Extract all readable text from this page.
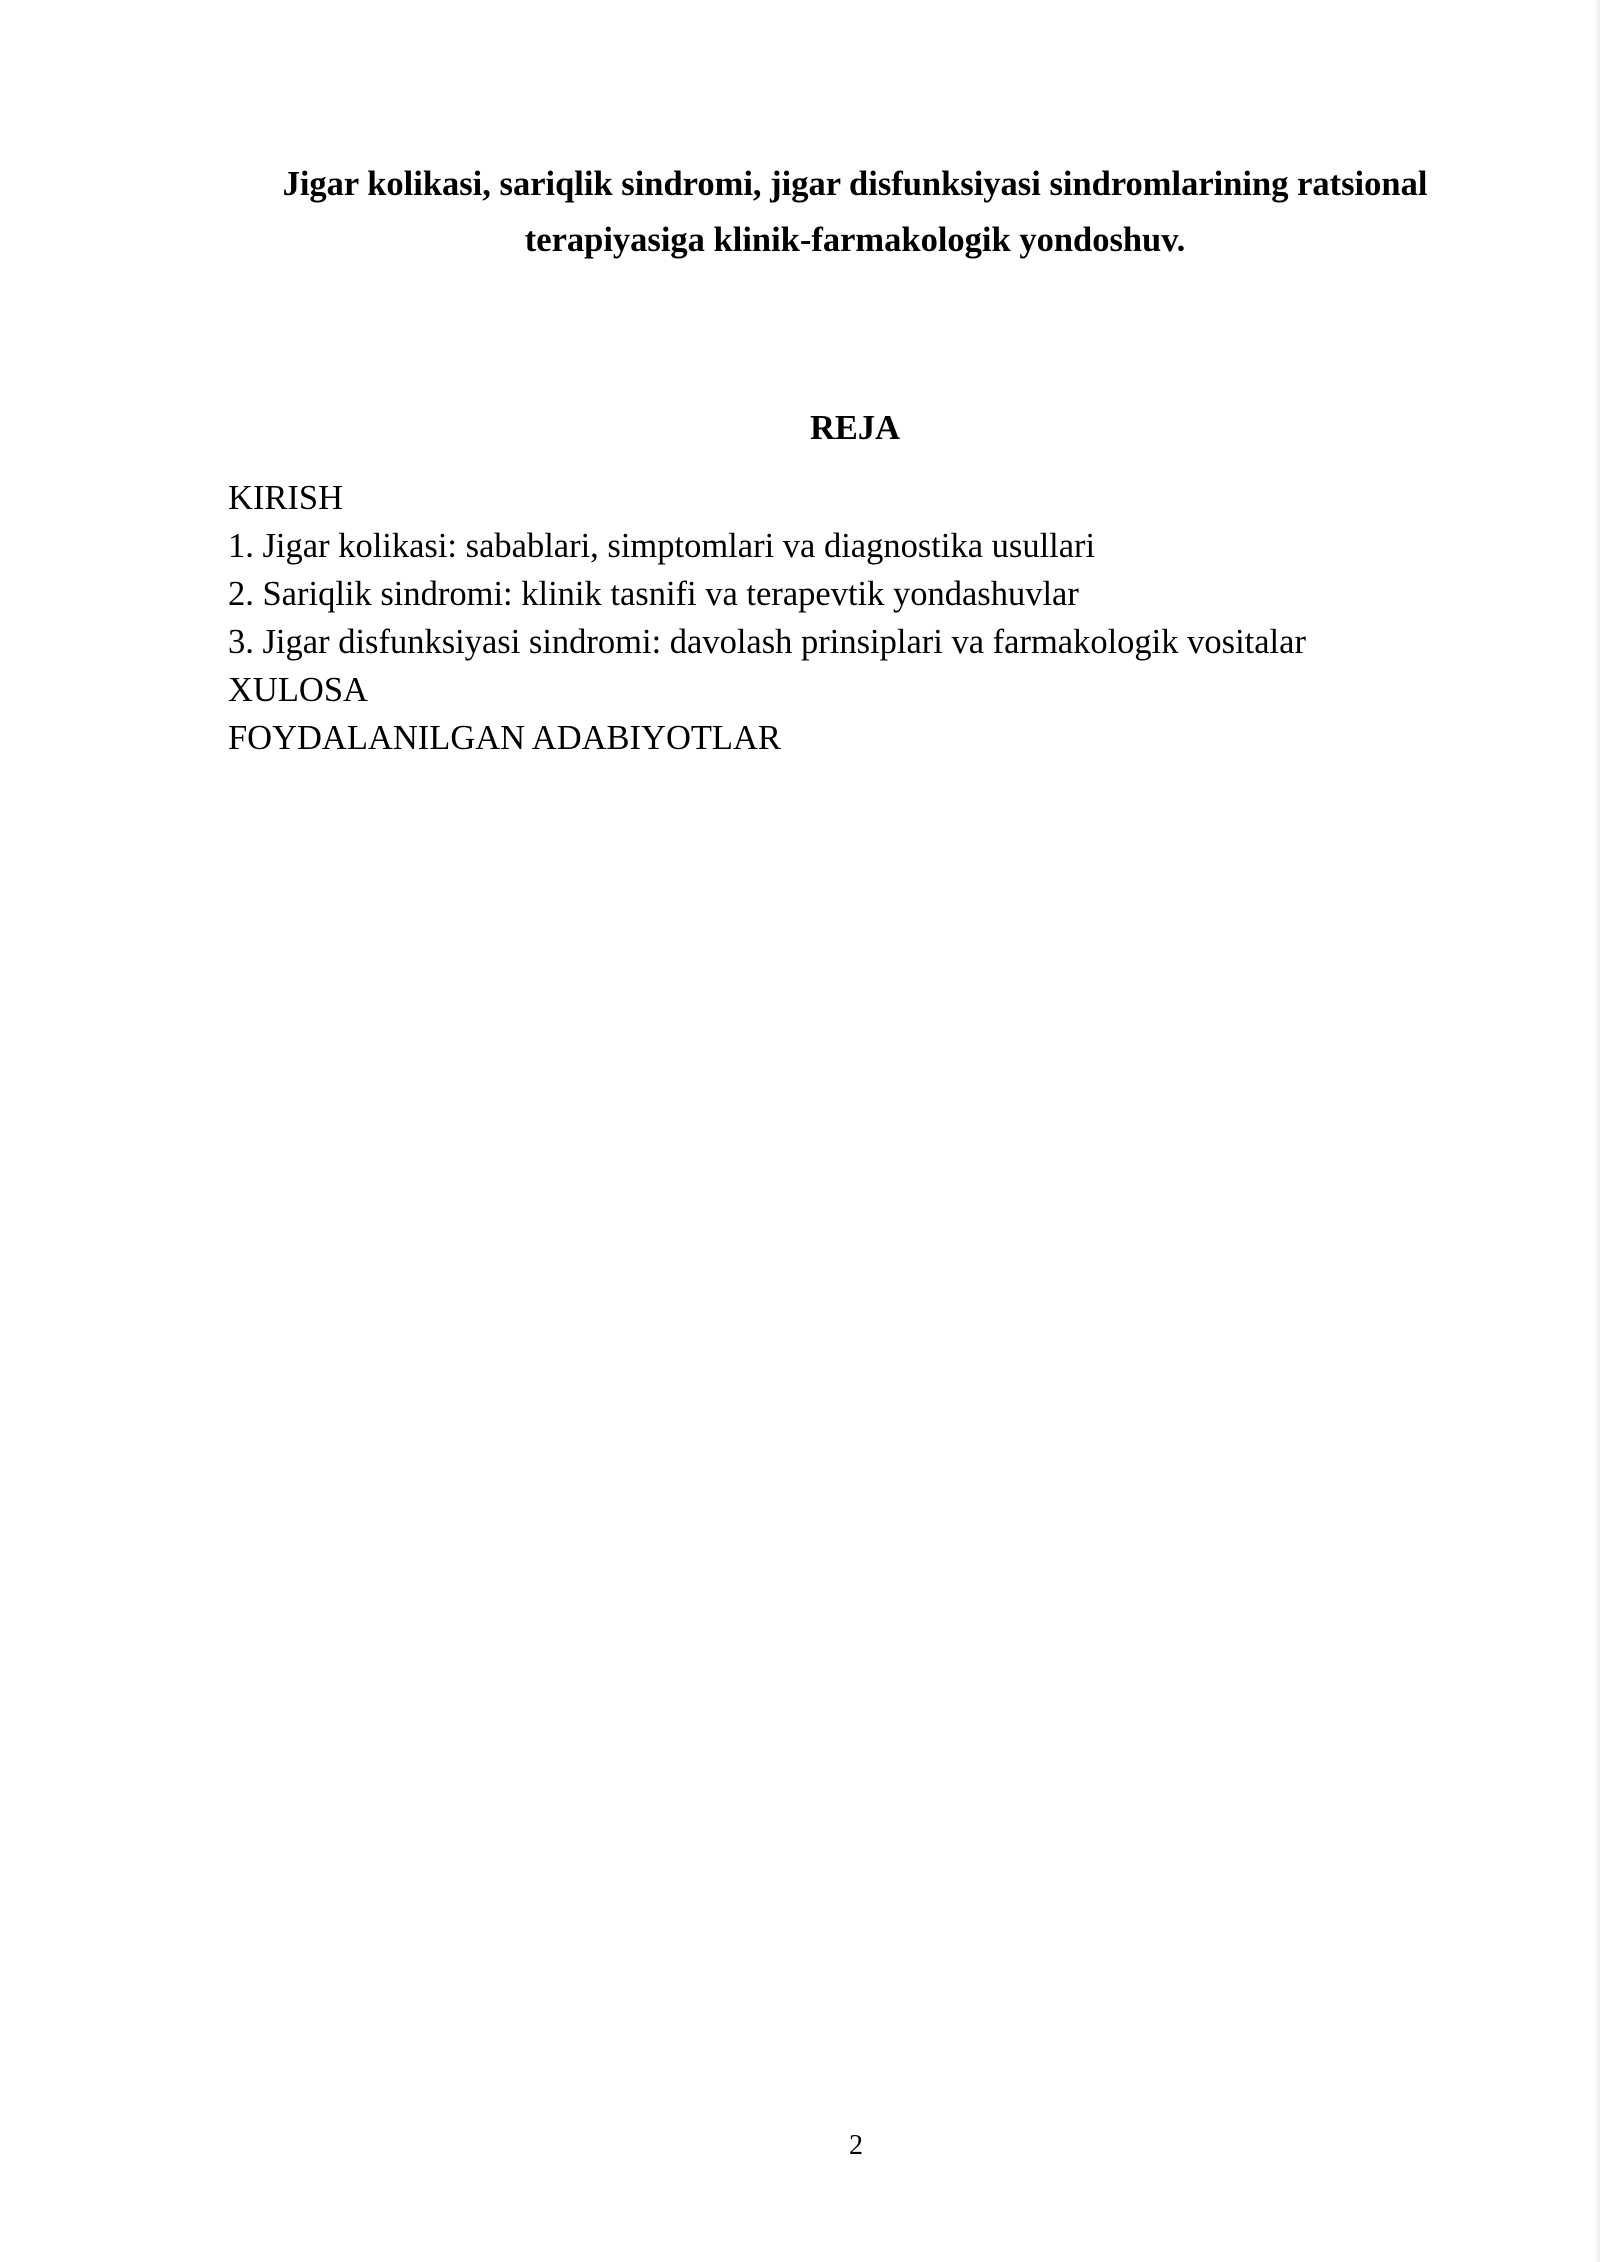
Jigar kolikasi, sariqlik sindromi, jigar disfunksiyasi sindromlarining ratsional terapiyasiga klinik-farmakologik yondoshuv.
REJA
KIRISH
1. Jigar kolikasi: sabablari, simptomlari va diagnostika usullari
2. Sariqlik sindromi: klinik tasnifi va terapevtik yondashuvlar
3. Jigar disfunksiyasi sindromi: davolash prinsiplari va farmakologik vositalar
XULOSA
FOYDALANILGAN ADABIYOTLAR
2
